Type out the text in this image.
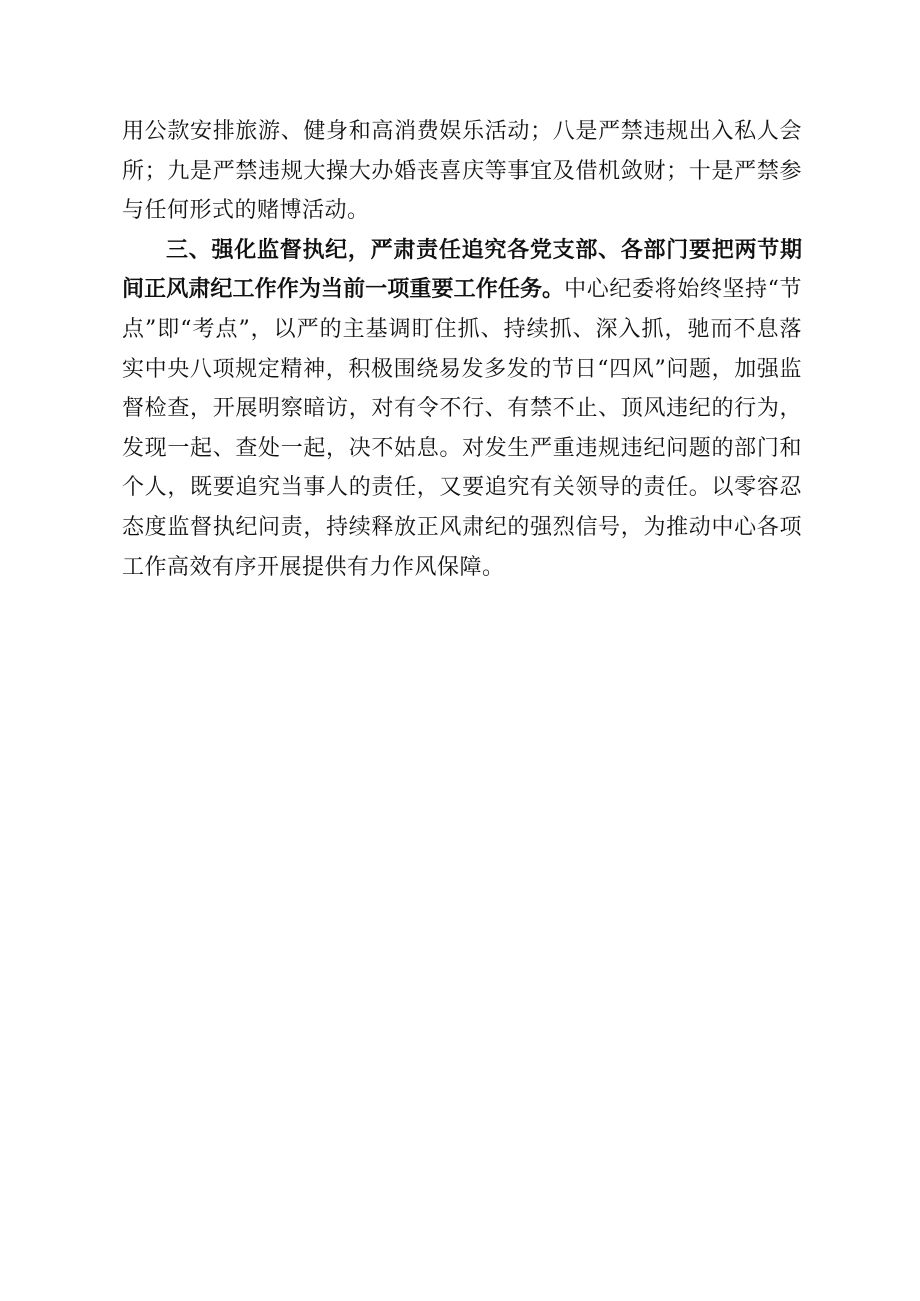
用公款安排旅游、健身和高消费娱乐活动；八是严禁违规出入私人会所；九是严禁违规大操大办婚丧喜庆等事宜及借机敛财；十是严禁参与任何形式的赌博活动。

三、强化监督执纪，严肃责任追究各党支部、各部门要把两节期间正风肃纪工作作为当前一项重要工作任务。中心纪委将始终坚持“节点”即“考点”，以严的主基调盯住抓、持续抓、深入抓，驰而不息落实中央八项规定精神，积极围绕易发多发的节日“四风”问题，加强监督检查，开展明察暗访，对有令不行、有禁不止、顶风违纪的行为，发现一起、查处一起，决不姑息。对发生严重违规违纪问题的部门和个人，既要追究当事人的责任，又要追究有关领导的责任。以零容忍态度监督执纪问责，持续释放正风肃纪的强烈信号，为推动中心各项工作高效有序开展提供有力作风保障。
